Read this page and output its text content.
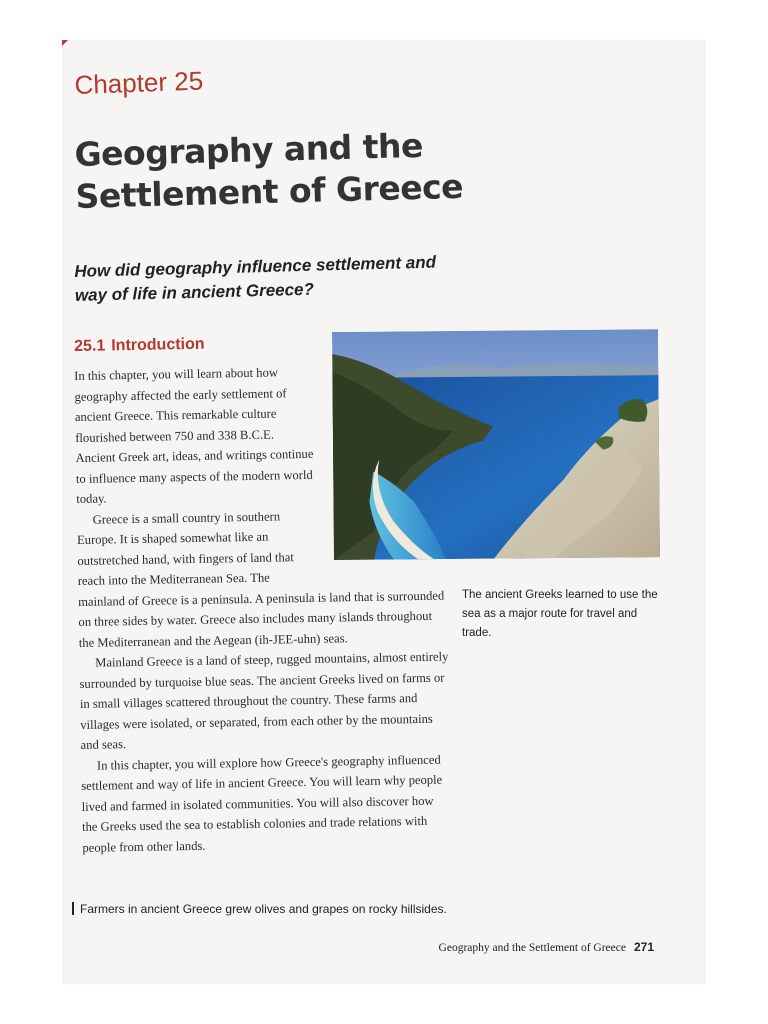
Chapter 25
Geography and the
Settlement of Greece

How did geography influence settlement and way of life in ancient Greece?

25.1 Introduction

In this chapter, you will learn about how geography affected the early settlement of ancient Greece. This remarkable culture flourished between 750 and 338 B.C.E. Ancient Greek art, ideas, and writings continue to influence many aspects of the modern world today.

Greece is a small country in southern Europe. It is shaped somewhat like an outstretched hand, with fingers of land that reach into the Mediterranean Sea. The mainland of Greece is a peninsula. A peninsula is land that is surrounded on three sides by water. Greece also includes many islands throughout the Mediterranean and the Aegean (ih-JEE-uhn) seas.

Mainland Greece is a land of steep, rugged mountains, almost entirely surrounded by turquoise blue seas. The ancient Greeks lived on farms or in small villages scattered throughout the country. These farms and villages were isolated, or separated, from each other by the mountains and seas.

In this chapter, you will explore how Greece's geography influenced settlement and way of life in ancient Greece. You will learn why people lived and farmed in isolated communities. You will also discover how the Greeks used the sea to establish colonies and trade relations with people from other lands.

The ancient Greeks learned to use the sea as a major route for travel and trade.

Farmers in ancient Greece grew olives and grapes on rocky hillsides.

Geography and the Settlement of Greece 271
